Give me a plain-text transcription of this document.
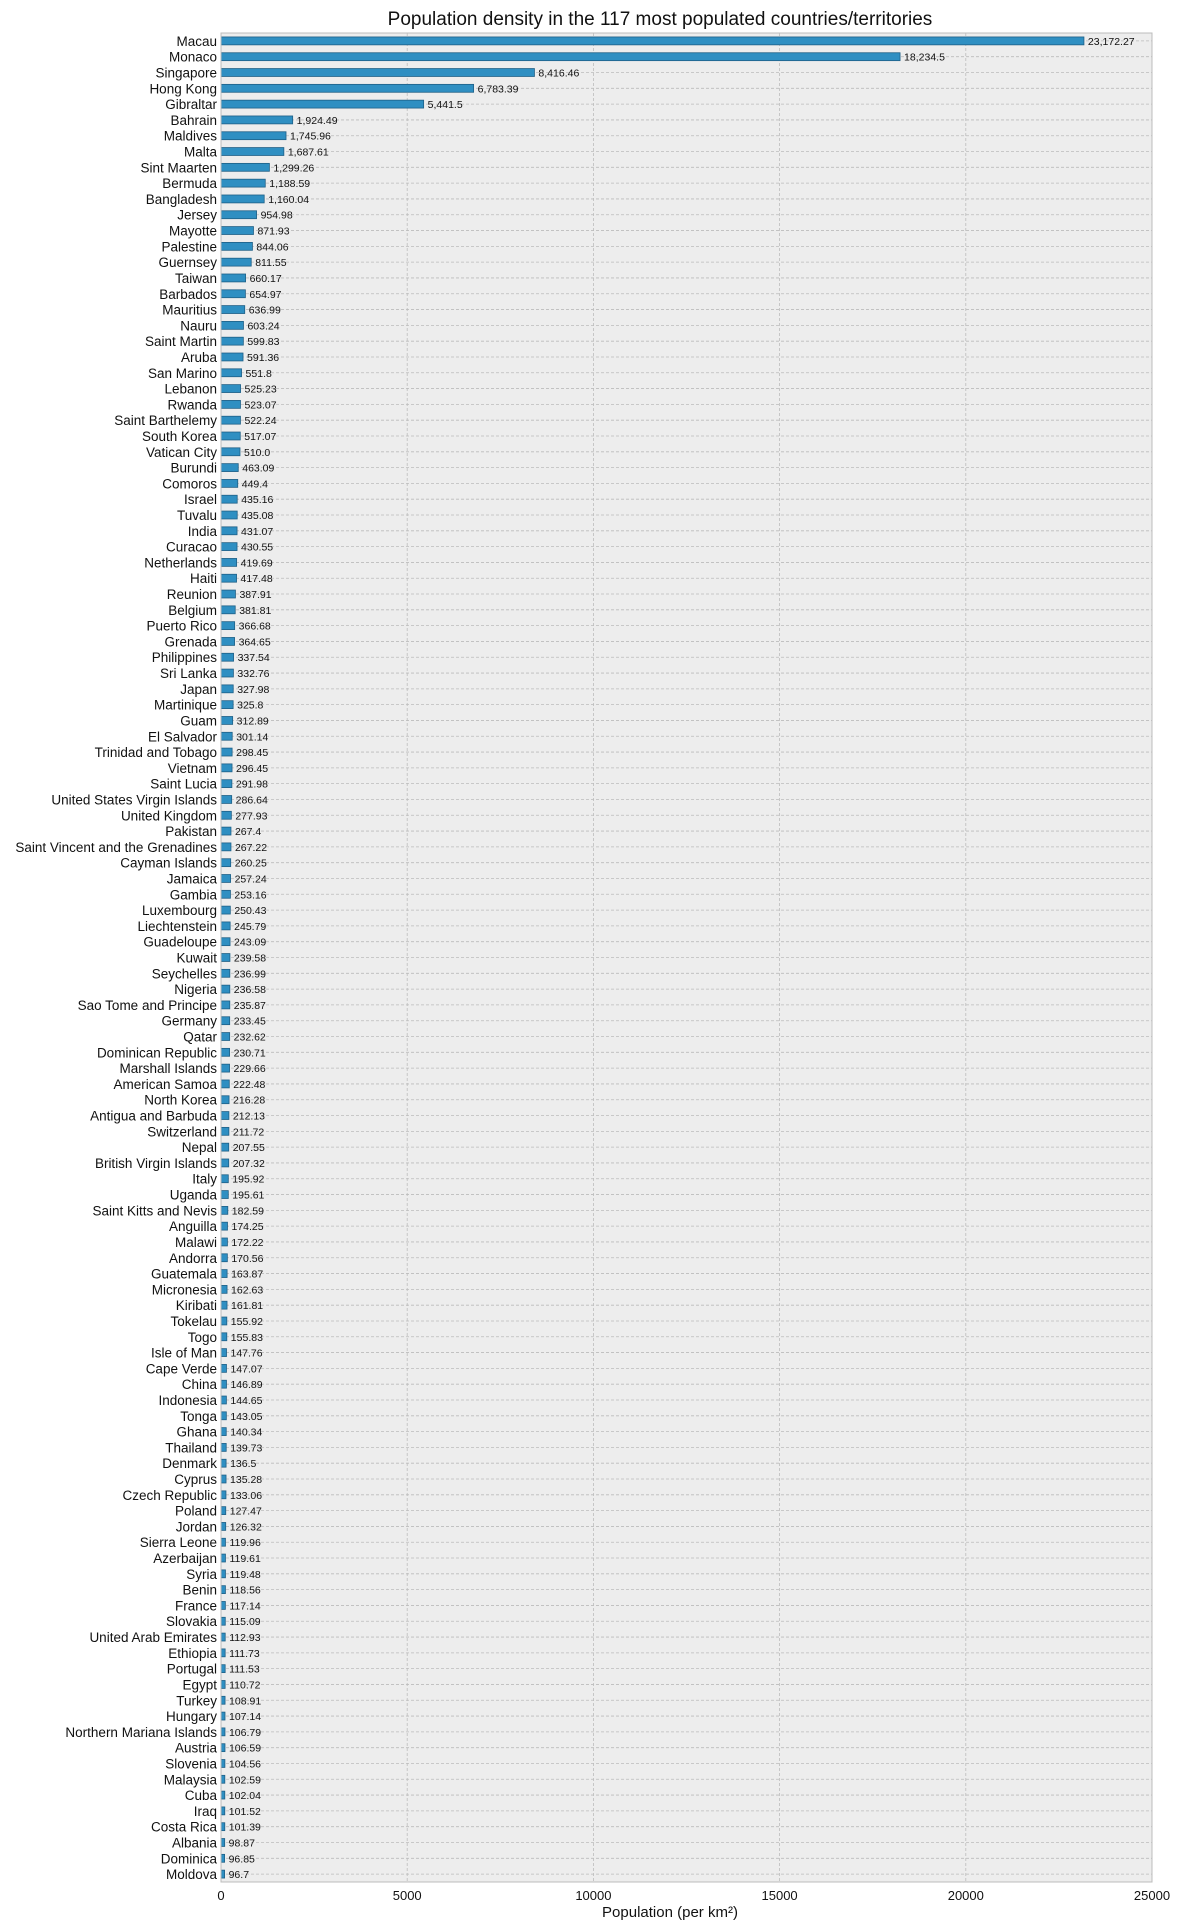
Population density in the 117 most populated countries/territories
Macau
Monaco
Singapore
Hong Kong
Gibraltar
Bahrain
Maldives
Malta
Sint Maarten
Bermuda
Bangladesh
Jersey
Mayotte
Palestine
Guernsey
Taiwan
Barbados
Mauritius
Nauru
Saint Martin
Aruba
San Marino
Lebanon
Rwanda
Saint Barthelemy
South Korea
Vatican City
Burundi
Comoros
Israel
Tuvalu
India
Curacao
Netherlands
Haiti
Reunion
Belgium
Puerto Rico
Grenada
Philippines
Sri Lanka
Japan
Martinique
Guam
El Salvador
Trinidad and Tobago
Vietnam
Saint Lucia
United States Virgin Islands
United Kingdom
Pakistan
Saint Vincent and the Grenadines
Cayman Islands
Jamaica
Gambia
Luxembourg
Liechtenstein
Guadeloupe
Kuwait
Seychelles
Nigeria
Sao Tome and Principe
Germany
Qatar
Dominican Republic
Marshall Islands
American Samoa
North Korea
Antigua and Barbuda
Switzerland
Nepal
British Virgin Islands
Italy
Uganda
Saint Kitts and Nevis
Anguilla
Malawi
Andorra
Guatemala
Micronesia
Kiribati
Tokelau
Togo
Isle of Man
Cape Verde
China
Indonesia
Tonga
Ghana
Thailand
Denmark
Cyprus
Czech Republic
Poland
Jordan
Sierra Leone
Azerbaijan
Syria
Benin
France
Slovakia
United Arab Emirates
Ethiopia
Portugal
Egypt
Turkey
Hungary
Northern Mariana Islands
Austria
Slovenia
Malaysia
Cuba
Iraq
Costa Rica
Albania
Dominica
Moldova
23,172.27
18,234.5
8,416.46
6,783.39
5,441.5
1,924.49
1,745.96
1,687.61
1,299.26
1,188.59
1,160.04
954.98
871.93
844.06
811.55
660.17
654.97
636.99
603.24
599.83
591.36
551.8
525.23
523.07
522.24
517.07
510.0
463.09
449.4
435.16
435.08
431.07
430.55
419.69
417.48
387.91
381.81
366.68
364.65
337.54
332.76
327.98
325.8
312.89
301.14
298.45
296.45
291.98
286.64
277.93
267.4
267.22
260.25
257.24
253.16
250.43
245.79
243.09
239.58
236.99
236.58
235.87
233.45
232.62
230.71
229.66
222.48
216.28
212.13
211.72
207.55
207.32
195.92
195.61
182.59
174.25
172.22
170.56
163.87
162.63
161.81
155.92
155.83
147.76
147.07
146.89
144.65
143.05
140.34
139.73
136.5
135.28
133.06
127.47
126.32
119.96
119.61
119.48
118.56
117.14
115.09
112.93
111.73
111.53
110.72
108.91
107.14
106.79
106.59
104.56
102.59
102.04
101.52
101.39
98.87
96.85
96.7
0	5000	10000	15000	20000	25000
Population (per km²)
